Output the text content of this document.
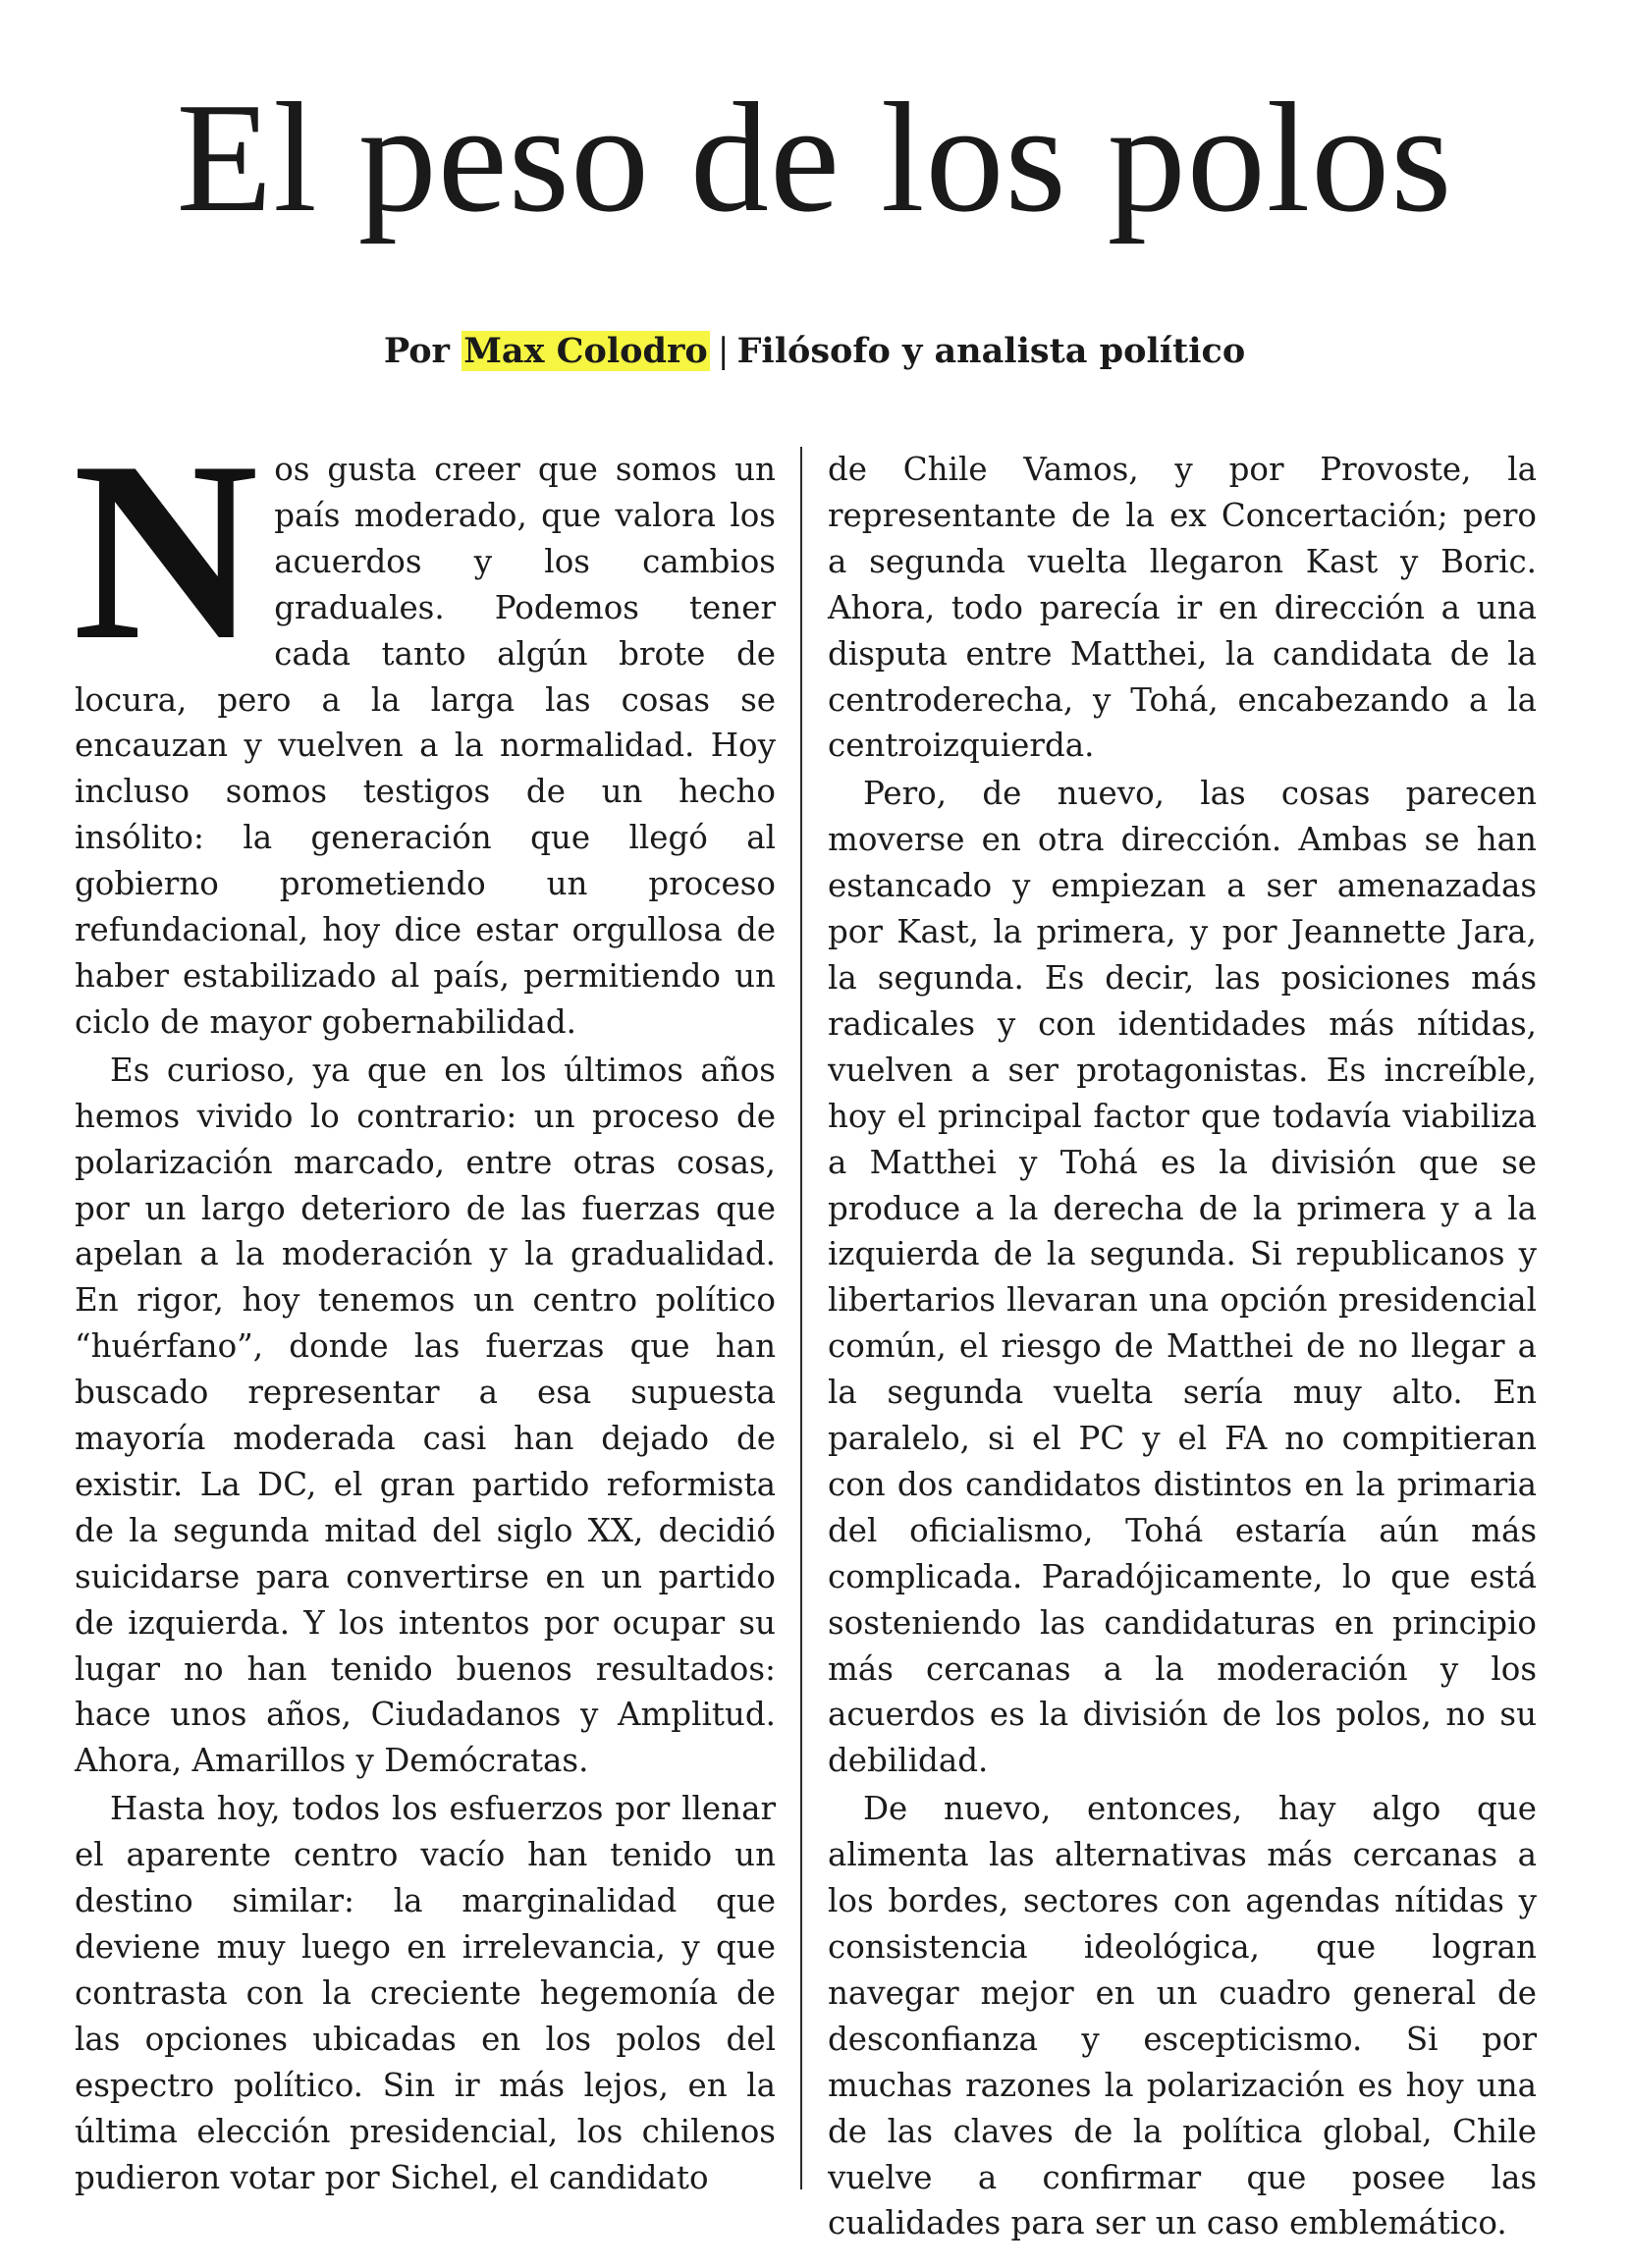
El peso de los polos
Por Max Colodro | Filósofo y analista político

Nos gusta creer que somos un país moderado, que valora los acuerdos y los cambios graduales. Podemos tener cada tanto algún brote de locura, pero a la larga las cosas se encauzan y vuelven a la normalidad. Hoy incluso somos testigos de un hecho insólito: la generación que llegó al gobierno prometiendo un proceso refundacional, hoy dice estar orgullosa de haber estabilizado al país, permitiendo un ciclo de mayor gobernabilidad.

Es curioso, ya que en los últimos años hemos vivido lo contrario: un proceso de polarización marcado, entre otras cosas, por un largo deterioro de las fuerzas que apelan a la moderación y la gradualidad. En rigor, hoy tenemos un centro político “huérfano”, donde las fuerzas que han buscado representar a esa supuesta mayoría moderada casi han dejado de existir. La DC, el gran partido reformista de la segunda mitad del siglo XX, decidió suicidarse para convertirse en un partido de izquierda. Y los intentos por ocupar su lugar no han tenido buenos resultados: hace unos años, Ciudadanos y Amplitud. Ahora, Amarillos y Demócratas.

Hasta hoy, todos los esfuerzos por llenar el aparente centro vacío han tenido un destino similar: la marginalidad que deviene muy luego en irrelevancia, y que contrasta con la creciente hegemonía de las opciones ubicadas en los polos del espectro político. Sin ir más lejos, en la última elección presidencial, los chilenos pudieron votar por Sichel, el candidato

de Chile Vamos, y por Provoste, la representante de la ex Concertación; pero a segunda vuelta llegaron Kast y Boric. Ahora, todo parecía ir en dirección a una disputa entre Matthei, la candidata de la centroderecha, y Tohá, encabezando a la centroizquierda.

Pero, de nuevo, las cosas parecen moverse en otra dirección. Ambas se han estancado y empiezan a ser amenazadas por Kast, la primera, y por Jeannette Jara, la segunda. Es decir, las posiciones más radicales y con identidades más nítidas, vuelven a ser protagonistas. Es increíble, hoy el principal factor que todavía viabiliza a Matthei y Tohá es la división que se produce a la derecha de la primera y a la izquierda de la segunda. Si republicanos y libertarios llevaran una opción presidencial común, el riesgo de Matthei de no llegar a la segunda vuelta sería muy alto. En paralelo, si el PC y el FA no compitieran con dos candidatos distintos en la primaria del oficialismo, Tohá estaría aún más complicada. Paradójicamente, lo que está sosteniendo las candidaturas en principio más cercanas a la moderación y los acuerdos es la división de los polos, no su debilidad.

De nuevo, entonces, hay algo que alimenta las alternativas más cercanas a los bordes, sectores con agendas nítidas y consistencia ideológica, que logran navegar mejor en un cuadro general de desconfianza y escepticismo. Si por muchas razones la polarización es hoy una de las claves de la política global, Chile vuelve a confirmar que posee las cualidades para ser un caso emblemático.
